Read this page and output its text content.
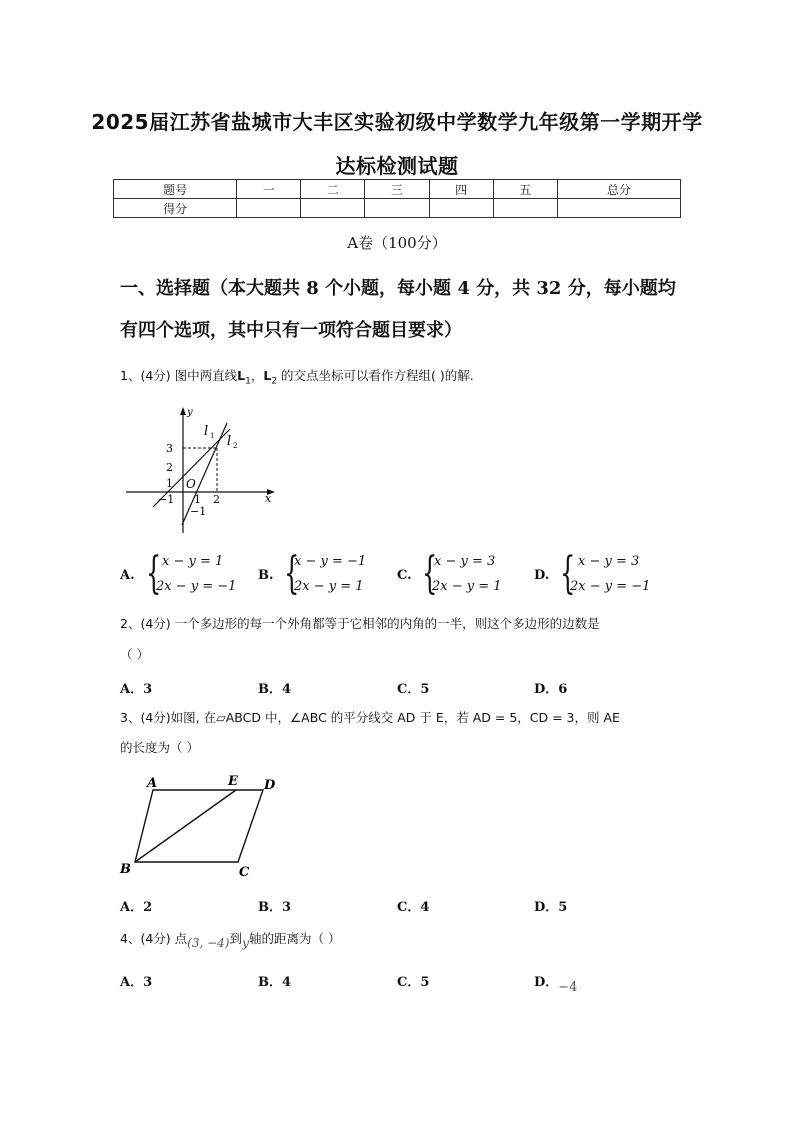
2025届江苏省盐城市大丰区实验初级中学数学九年级第一学期开学
达标检测试题
题号	一	二	三	四	五	总分
得分						
A卷（100分）
一、选择题（本大题共 8 个小题，每小题 4 分，共 32 分，每小题均
有四个选项，其中只有一项符合题目要求）
1、(4分) 图中两直线$L_1$，$L_2$ 的交点坐标可以看作方程组( )的解.
y
x
O
l 1 l 2
3
2
1
−1
−1 1 2
A. { x − y = 1
2x − y = −1
B. {
x − y = −1
2x − y = 1
C. {
x − y = 3
2x − y = 1
D. { x − y = 3
2x − y = −1
2、(4分) 一个多边形的每一个外角都等于它相邻的内角的一半，则这个多边形的边数是
（ ）
A．3	B．4	C．5	D．6
3、(4分)如图, 在▱ABCD 中，∠ABC 的平分线交 AD 于 E，若 AD = 5，CD = 3，则 AE
的长度为（ ）
A	E D
B	C
A．2	B．3	C．4	D．5
4、(4分) 点(3, −4)到y轴的距离为（ ）
A．3	B．4	C．5	D．$_{-4}$
